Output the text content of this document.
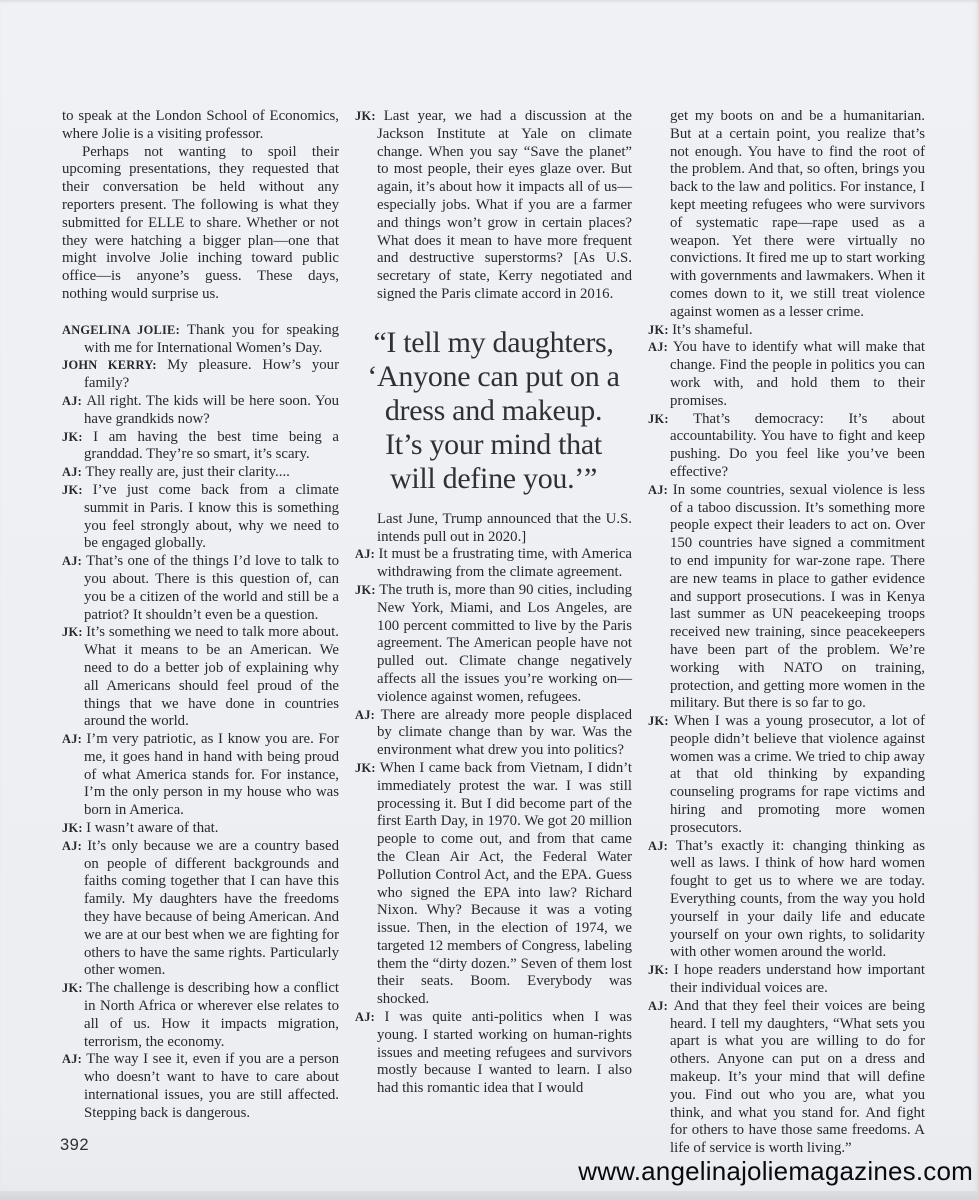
to speak at the London School of Economics, where Jolie is a visiting professor.

Perhaps not wanting to spoil their upcoming presentations, they requested that their conversation be held without any reporters present. The following is what they submitted for ELLE to share. Whether or not they were hatching a bigger plan—one that might involve Jolie inching toward public office—is anyone’s guess. These days, nothing would surprise us.

ANGELINA JOLIE: Thank you for speaking with me for International Women’s Day.

JOHN KERRY: My pleasure. How’s your family?

AJ: All right. The kids will be here soon. You have grandkids now?

JK: I am having the best time being a granddad. They’re so smart, it’s scary.

AJ: They really are, just their clarity....

JK: I’ve just come back from a climate summit in Paris. I know this is something you feel strongly about, why we need to be engaged globally.

AJ: That’s one of the things I’d love to talk to you about. There is this question of, can you be a citizen of the world and still be a patriot? It shouldn’t even be a question.

JK: It’s something we need to talk more about. What it means to be an American. We need to do a better job of explaining why all Americans should feel proud of the things that we have done in countries around the world.

AJ: I’m very patriotic, as I know you are. For me, it goes hand in hand with being proud of what America stands for. For instance, I’m the only person in my house who was born in America.

JK: I wasn’t aware of that.

AJ: It’s only because we are a country based on people of different backgrounds and faiths coming together that I can have this family. My daughters have the freedoms they have because of being American. And we are at our best when we are fighting for others to have the same rights. Particularly other women.

JK: The challenge is describing how a conflict in North Africa or wherever else relates to all of us. How it impacts migration, terrorism, the economy.

AJ: The way I see it, even if you are a person who doesn’t want to have to care about international issues, you are still affected. Stepping back is dangerous.

JK: Last year, we had a discussion at the Jackson Institute at Yale on climate change. When you say “Save the planet” to most people, their eyes glaze over. But again, it’s about how it impacts all of us—especially jobs. What if you are a farmer and things won’t grow in certain places? What does it mean to have more frequent and destructive superstorms? [As U.S. secretary of state, Kerry negotiated and signed the Paris climate accord in 2016.

“I tell my daughters, ‘Anyone can put on a dress and makeup. It’s your mind that will define you.’”

Last June, Trump announced that the U.S. intends pull out in 2020.]

AJ: It must be a frustrating time, with America withdrawing from the climate agreement.

JK: The truth is, more than 90 cities, including New York, Miami, and Los Angeles, are 100 percent committed to live by the Paris agreement. The American people have not pulled out. Climate change negatively affects all the issues you’re working on—violence against women, refugees.

AJ: There are already more people displaced by climate change than by war. Was the environment what drew you into politics?

JK: When I came back from Vietnam, I didn’t immediately protest the war. I was still processing it. But I did become part of the first Earth Day, in 1970. We got 20 million people to come out, and from that came the Clean Air Act, the Federal Water Pollution Control Act, and the EPA. Guess who signed the EPA into law? Richard Nixon. Why? Because it was a voting issue. Then, in the election of 1974, we targeted 12 members of Congress, labeling them the “dirty dozen.” Seven of them lost their seats. Boom. Everybody was shocked.

AJ: I was quite anti-politics when I was young. I started working on human-rights issues and meeting refugees and survivors mostly because I wanted to learn. I also had this romantic idea that I would

get my boots on and be a humanitarian. But at a certain point, you realize that’s not enough. You have to find the root of the problem. And that, so often, brings you back to the law and politics. For instance, I kept meeting refugees who were survivors of systematic rape—rape used as a weapon. Yet there were virtually no convictions. It fired me up to start working with governments and lawmakers. When it comes down to it, we still treat violence against women as a lesser crime.

JK: It’s shameful.

AJ: You have to identify what will make that change. Find the people in politics you can work with, and hold them to their promises.

JK: That’s democracy: It’s about accountability. You have to fight and keep pushing. Do you feel like you’ve been effective?

AJ: In some countries, sexual violence is less of a taboo discussion. It’s something more people expect their leaders to act on. Over 150 countries have signed a commitment to end impunity for war-zone rape. There are new teams in place to gather evidence and support prosecutions. I was in Kenya last summer as UN peacekeeping troops received new training, since peacekeepers have been part of the problem. We’re working with NATO on training, protection, and getting more women in the military. But there is so far to go.

JK: When I was a young prosecutor, a lot of people didn’t believe that violence against women was a crime. We tried to chip away at that old thinking by expanding counseling programs for rape victims and hiring and promoting more women prosecutors.

AJ: That’s exactly it: changing thinking as well as laws. I think of how hard women fought to get us to where we are today. Everything counts, from the way you hold yourself in your daily life and educate yourself on your own rights, to solidarity with other women around the world.

JK: I hope readers understand how important their individual voices are.

AJ: And that they feel their voices are being heard. I tell my daughters, “What sets you apart is what you are willing to do for others. Anyone can put on a dress and makeup. It’s your mind that will define you. Find out who you are, what you think, and what you stand for. And fight for others to have those same freedoms. A life of service is worth living.”

392
www.angelinajoliemagazines.com
